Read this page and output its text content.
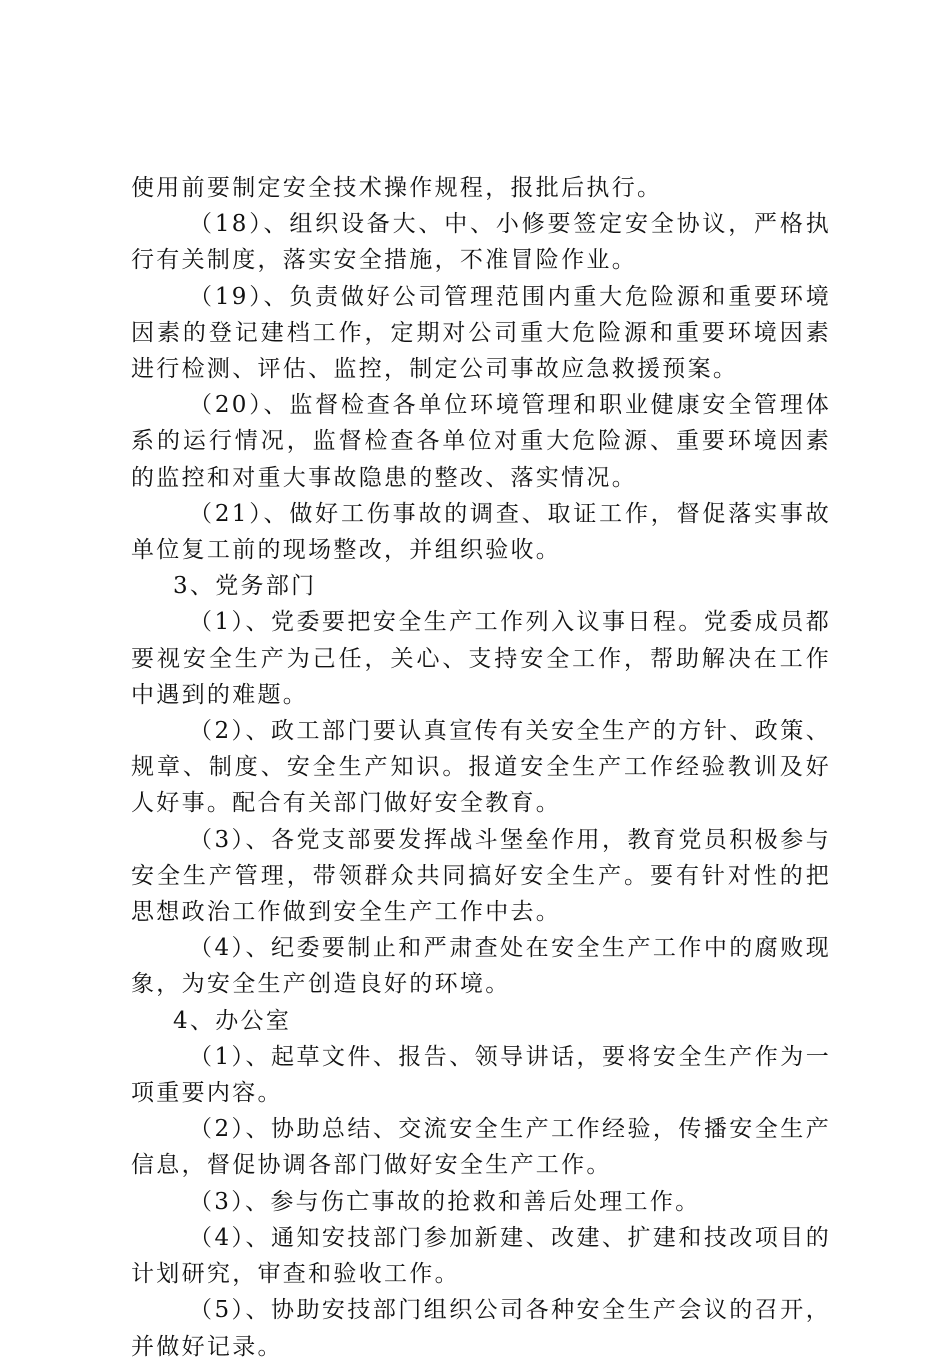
使用前要制定安全技术操作规程，报批后执行。

（18）、组织设备大、中、小修要签定安全协议，严格执行有关制度，落实安全措施，不准冒险作业。

（19）、负责做好公司管理范围内重大危险源和重要环境因素的登记建档工作，定期对公司重大危险源和重要环境因素进行检测、评估、监控，制定公司事故应急救援预案。

（20）、监督检查各单位环境管理和职业健康安全管理体系的运行情况，监督检查各单位对重大危险源、重要环境因素的监控和对重大事故隐患的整改、落实情况。

（21）、做好工伤事故的调查、取证工作，督促落实事故单位复工前的现场整改，并组织验收。

3、党务部门

（1）、党委要把安全生产工作列入议事日程。党委成员都要视安全生产为己任，关心、支持安全工作，帮助解决在工作中遇到的难题。

（2）、政工部门要认真宣传有关安全生产的方针、政策、规章、制度、安全生产知识。报道安全生产工作经验教训及好人好事。配合有关部门做好安全教育。

（3）、各党支部要发挥战斗堡垒作用，教育党员积极参与安全生产管理，带领群众共同搞好安全生产。要有针对性的把思想政治工作做到安全生产工作中去。

（4）、纪委要制止和严肃查处在安全生产工作中的腐败现象，为安全生产创造良好的环境。

4、办公室

（1）、起草文件、报告、领导讲话，要将安全生产作为一项重要内容。

（2）、协助总结、交流安全生产工作经验，传播安全生产信息，督促协调各部门做好安全生产工作。

（3）、参与伤亡事故的抢救和善后处理工作。

（4）、通知安技部门参加新建、改建、扩建和技改项目的计划研究，审查和验收工作。

（5）、协助安技部门组织公司各种安全生产会议的召开，并做好记录。
